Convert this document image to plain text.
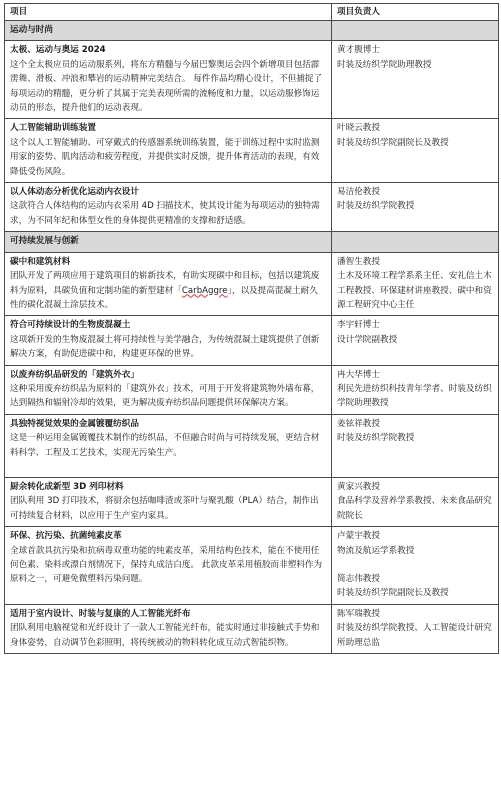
项目	项目负责人
运动与时尚	

太极、运动与奥运 2024
这个全太极应员的运动服系列，将东方精髓与今届巴黎奥运会四个新增项目包括霹雳舞、滑板、冲浪和攀岩的运动精神完美结合。 每件作品均精心设计，不但捕捉了每项运动的精髓，更分析了其属于完美表现所需的流畅度和力量，以运动服修饰运动员的形态，提升他们的运动表现。	黄才腹博士
时装及纺织学院助理教授

人工智能辅助训练装置
这个以人工智能辅助、可穿戴式的传感器系统训练装置，能于训练过程中实时监测用家的姿势、肌肉活动和疲劳程度，并提供实时反馈，提升体育活动的表现，有效降低受伤风险。	叶晓云教授
时装及纺织学院副院长及教授

以人体动态分析优化运动内衣设计
这款符合人体结构的运动内衣采用 4D 扫描技术，使其设计能为每项运动的独特需求，为不同年纪和体型女性的身体提供更精准的支撑和舒适感。	易洁伦教授
时装及纺织学院教授

可持续发展与创新	

碳中和建筑材料
团队开发了两项应用于建筑项目的崭新技术，有助实现碳中和目标，包括以建筑废料为原料，具碳负值和定制功能的新型建材「CarbAggre」，以及提高混凝土耐久性的碳化混凝土涂层技术。	潘智生教授
土木及环境工程学系系主任、安礼信土木工程教授、环保建材讲座教授、碳中和资源工程研究中心主任

符合可持续设计的生物废混凝土
这项新开发的生物废混凝土将可持续性与美学融合，为传统混凝土建筑提供了创新解决方案，有助促进碳中和，构建更环保的世界。	李宇轩博士
设计学院副教授

以废弃纺织品研发的「建筑外衣」
这种采用废弃纺织品为原料的「建筑外衣」技术，可用于开发将建筑物外墙布幕，达到隔热和辐射冷却的效果，更为解决废弃纺织品问题提供环保解决方案。	冉大华博士
利民先进纺织科技青年学者、时装及纺织学院助理教授

具独特视觉效果的金属镀覆纺织品
这是一种运用金属镀覆技术制作的纺织品，不但融合时尚与可持续发展，更结合材料科学、工程及工艺技术，实现无污染生产。	姜铉祥教授
时装及纺织学院教授

厨余转化成新型 3D 列印材料
团队利用 3D 打印技术，将厨余包括咖啡渣或茶叶与聚乳酸（PLA）结合，制作出可持续复合材料，以应用于生产室内家具。	黄家兴教授
食品科学及营养学系教授、未来食品研究院院长

环保、抗污染、抗菌纯素皮革
全球首款具抗污染和抗病毒双重功能的纯素皮革，采用结构色技术，能在不使用任何色素、染料或漂白剂情况下，保持丸成洁白度。 此款皮革采用植胶而非塑料作为原料之一，可避免微塑料污染问题。	卢蒙宇教授
物流及航运学系教授
简志伟教授
时装及纺织学院副院长及教授

适用于室内设计、时装与复康的人工智能光纤布
团队利用电脑视觉和光纤设计了一款人工智能光纤布，能实时通过非接触式手势和身体姿势，自动调节色彩照明，将传统被动的物料转化成互动式智能织物。	陈军瑞教授
时装及纺织学院教授、人工智能设计研究所助理总监
